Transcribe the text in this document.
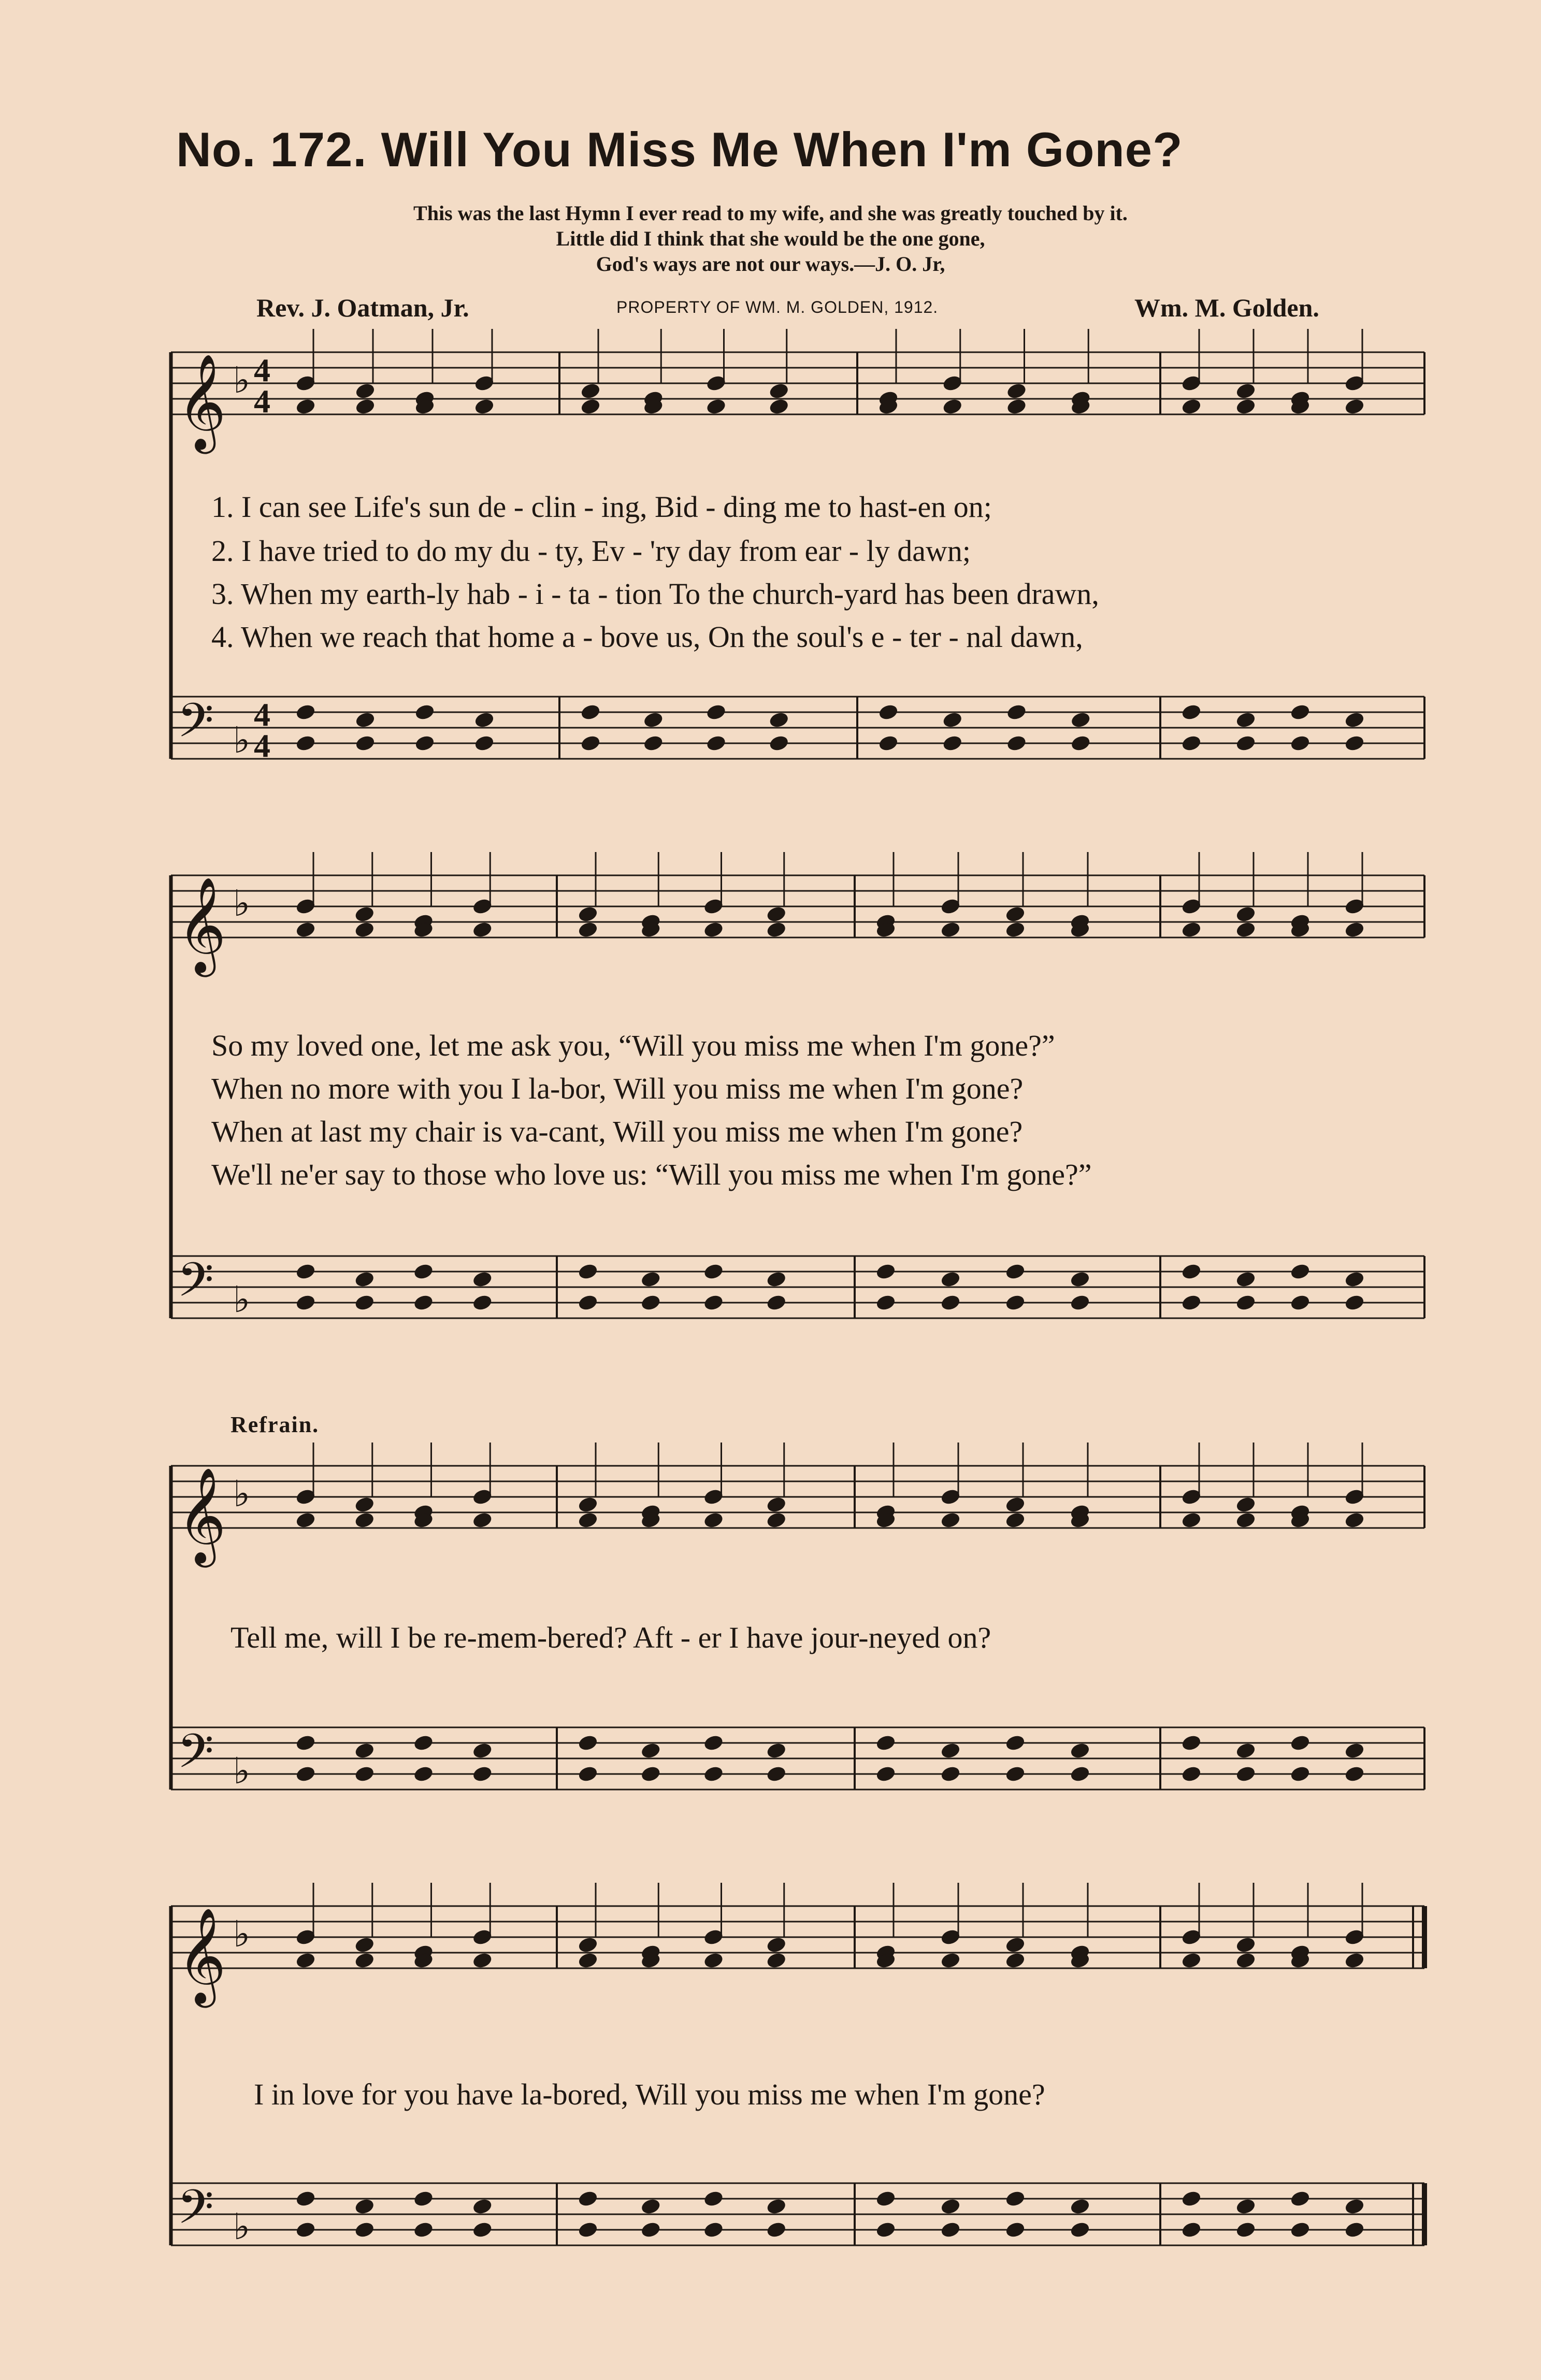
No. 172. Will You Miss Me When I'm Gone?
This was the last Hymn I ever read to my wife, and she was greatly touched by it.
Little did I think that she would be the one gone,
God's ways are not our ways.—J. O. Jr,
Rev. J. Oatman, Jr.	PROPERTY OF WM. M. GOLDEN, 1912.	Wm. M. Golden.
𝄞
𝄢
♭
♭
𝄞
𝄢
♭
♭
𝄞
𝄢
♭
♭
𝄞
𝄢
♭
♭
4
4
4
4
1. I can see Life's sun de - clin - ing, Bid - ding me to hast-en on;
2. I have tried to do my du - ty, Ev - 'ry day from ear - ly dawn;
3. When my earth-ly hab - i - ta - tion To the church-yard has been drawn,
4. When we reach that home a - bove us, On the soul's e - ter - nal dawn,
So my loved one, let me ask you, “Will you miss me when I'm gone?”
When no more with you I la-bor, Will you miss me when I'm gone?
When at last my chair is va-cant, Will you miss me when I'm gone?
We'll ne'er say to those who love us: “Will you miss me when I'm gone?”
Refrain.
Tell me, will I be re-mem-bered? Aft - er I have jour-neyed on?
I in love for you have la-bored, Will you miss me when I'm gone?
